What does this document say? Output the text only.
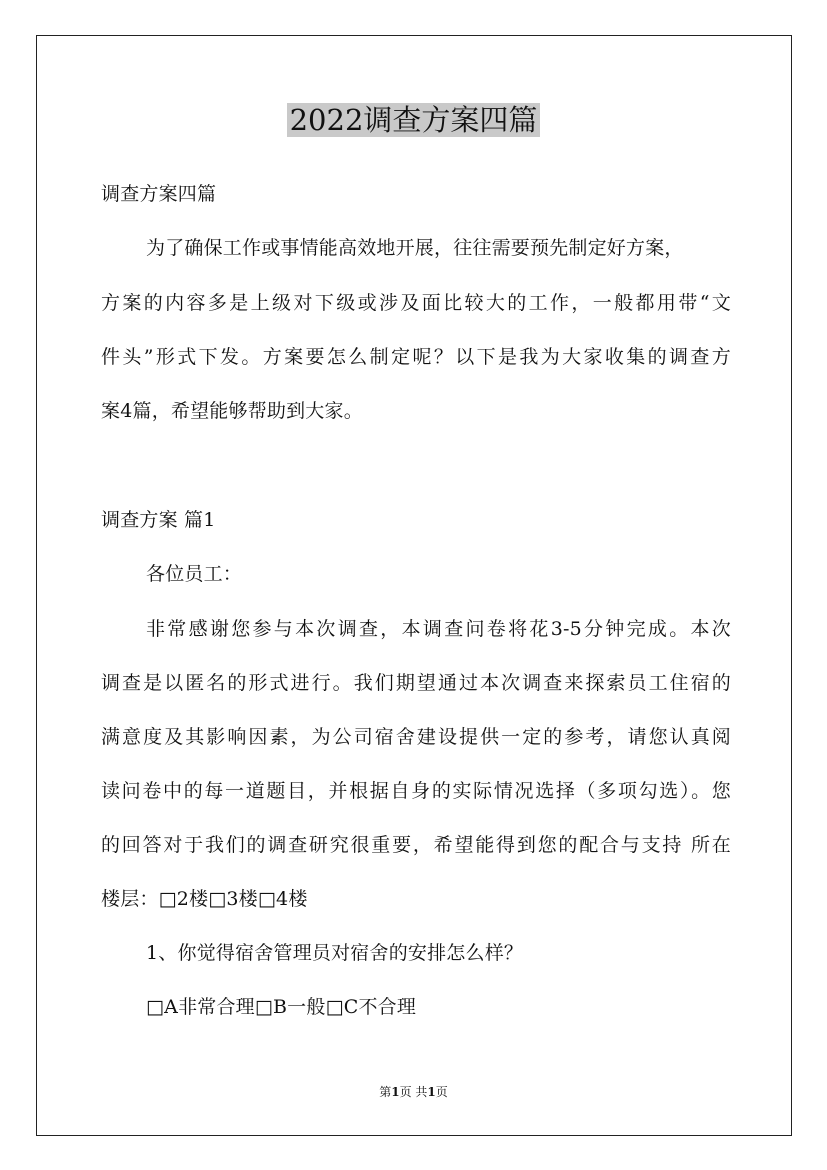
2022调查方案四篇
调查方案四篇
为了确保工作或事情能高效地开展，往往需要预先制定好方案，
方案的内容多是上级对下级或涉及面比较大的工作，一般都用带“文
件头”形式下发。方案要怎么制定呢？以下是我为大家收集的调查方
案4篇，希望能够帮助到大家。
调查方案 篇1
各位员工：
非常感谢您参与本次调查，本调查问卷将花3-5分钟完成。本次
调查是以匿名的形式进行。我们期望通过本次调查来探索员工住宿的
满意度及其影响因素，为公司宿舍建设提供一定的参考，请您认真阅
读问卷中的每一道题目，并根据自身的实际情况选择（多项勾选）。您
的回答对于我们的调查研究很重要，希望能得到您的配合与支持 所在
楼层：□2楼□3楼□4楼
1、你觉得宿舍管理员对宿舍的安排怎么样？
□A非常合理□B一般□C不合理
第1页 共1页
